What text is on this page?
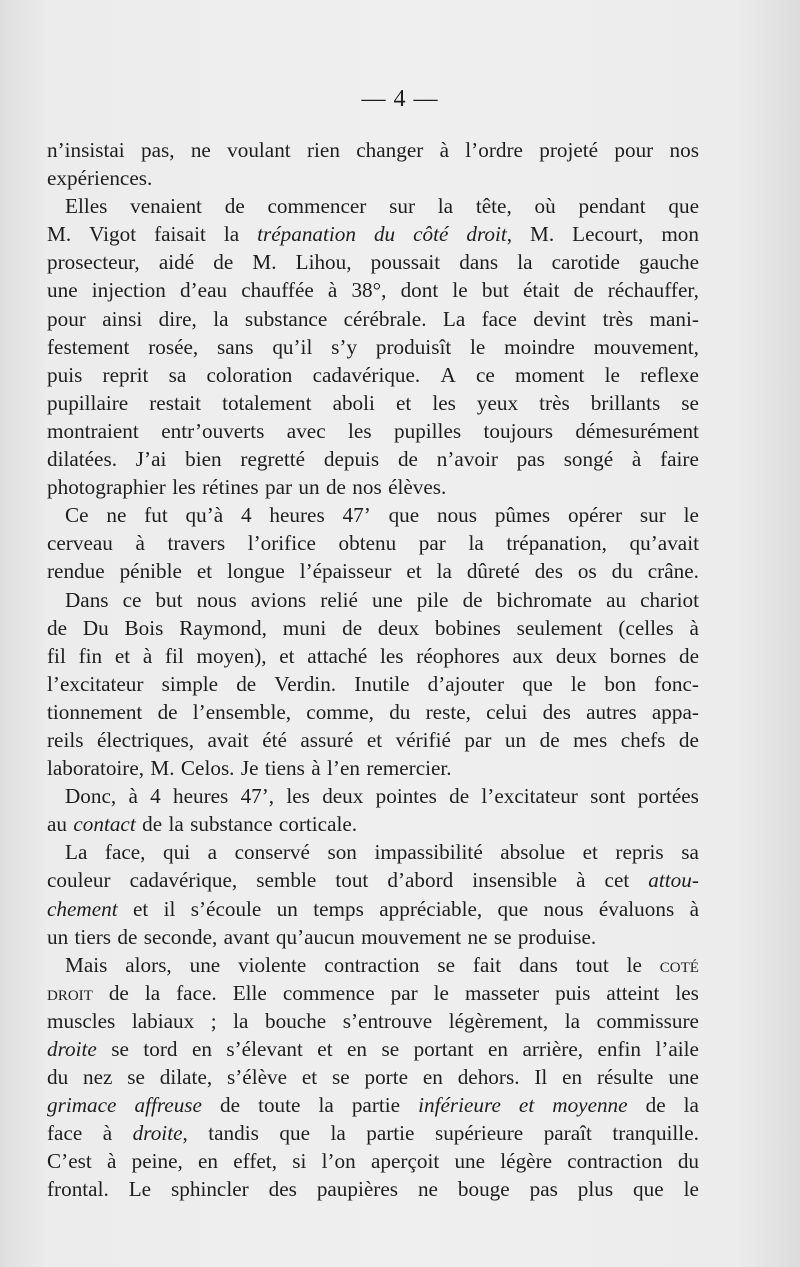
— 4 —
n’insistai pas, ne voulant rien changer à l’ordre projeté pour nos
expériences.
Elles venaient de commencer sur la tête, où pendant que
M. Vigot faisait la trépanation du côté droit, M. Lecourt, mon
prosecteur, aidé de M. Lihou, poussait dans la carotide gauche
une injection d’eau chauffée à 38°, dont le but était de réchauffer,
pour ainsi dire, la substance cérébrale. La face devint très mani-
festement rosée, sans qu’il s’y produisît le moindre mouvement,
puis reprit sa coloration cadavérique. A ce moment le reflexe
pupillaire restait totalement aboli et les yeux très brillants se
montraient entr’ouverts avec les pupilles toujours démesurément
dilatées. J’ai bien regretté depuis de n’avoir pas songé à faire
photographier les rétines par un de nos élèves.
Ce ne fut qu’à 4 heures 47’ que nous pûmes opérer sur le
cerveau à travers l’orifice obtenu par la trépanation, qu’avait
rendue pénible et longue l’épaisseur et la dûreté des os du crâne.
Dans ce but nous avions relié une pile de bichromate au chariot
de Du Bois Raymond, muni de deux bobines seulement (celles à
fil fin et à fil moyen), et attaché les réophores aux deux bornes de
l’excitateur simple de Verdin. Inutile d’ajouter que le bon fonc-
tionnement de l’ensemble, comme, du reste, celui des autres appa-
reils électriques, avait été assuré et vérifié par un de mes chefs de
laboratoire, M. Celos. Je tiens à l’en remercier.
Donc, à 4 heures 47’, les deux pointes de l’excitateur sont portées
au contact de la substance corticale.
La face, qui a conservé son impassibilité absolue et repris sa
couleur cadavérique, semble tout d’abord insensible à cet attou-
chement et il s’écoule un temps appréciable, que nous évaluons à
un tiers de seconde, avant qu’aucun mouvement ne se produise.
Mais alors, une violente contraction se fait dans tout le coté
droit de la face. Elle commence par le masseter puis atteint les
muscles labiaux ; la bouche s’entrouve légèrement, la commissure
droite se tord en s’élevant et en se portant en arrière, enfin l’aile
du nez se dilate, s’élève et se porte en dehors. Il en résulte une
grimace affreuse de toute la partie inférieure et moyenne de la
face à droite, tandis que la partie supérieure paraît tranquille.
C’est à peine, en effet, si l’on aperçoit une légère contraction du
frontal. Le sphincler des paupières ne bouge pas plus que le
